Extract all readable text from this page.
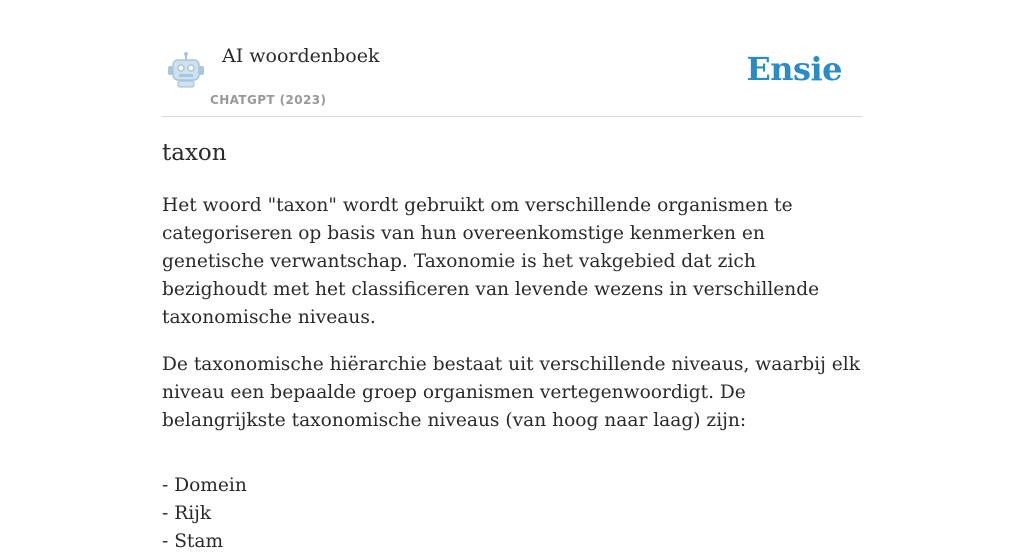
AI woordenboek
CHATGPT (2023)
Ensie
taxon

Het woord "taxon" wordt gebruikt om verschillende organismen te categoriseren op basis van hun overeenkomstige kenmerken en genetische verwantschap. Taxonomie is het vakgebied dat zich bezighoudt met het classificeren van levende wezens in verschillende taxonomische niveaus.

De taxonomische hiërarchie bestaat uit verschillende niveaus, waarbij elk niveau een bepaalde groep organismen vertegenwoordigt. De belangrijkste taxonomische niveaus (van hoog naar laag) zijn:

- Domein
- Rijk
- Stam
